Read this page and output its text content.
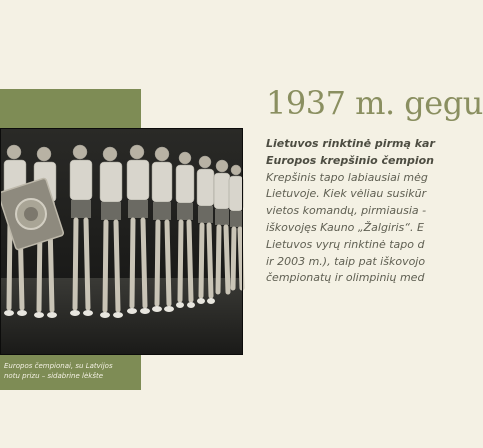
Europos čempionai, su Latvijos
notu prizu – sidabrine lėkšte
1937 m. gegu
Lietuvos rinktinė pirmą kar
Europos krepšinio čempion
Krepšinis tapo labiausiai mėg
Lietuvoje. Kiek vėliau susikūr
vietos komandų, pirmiausia -
iškovojęs Kauno „Žalgiris“. E
Lietuvos vyrų rinktinė tapo d
ir 2003 m.), taip pat iškovojo
čempionatų ir olimpinių med
